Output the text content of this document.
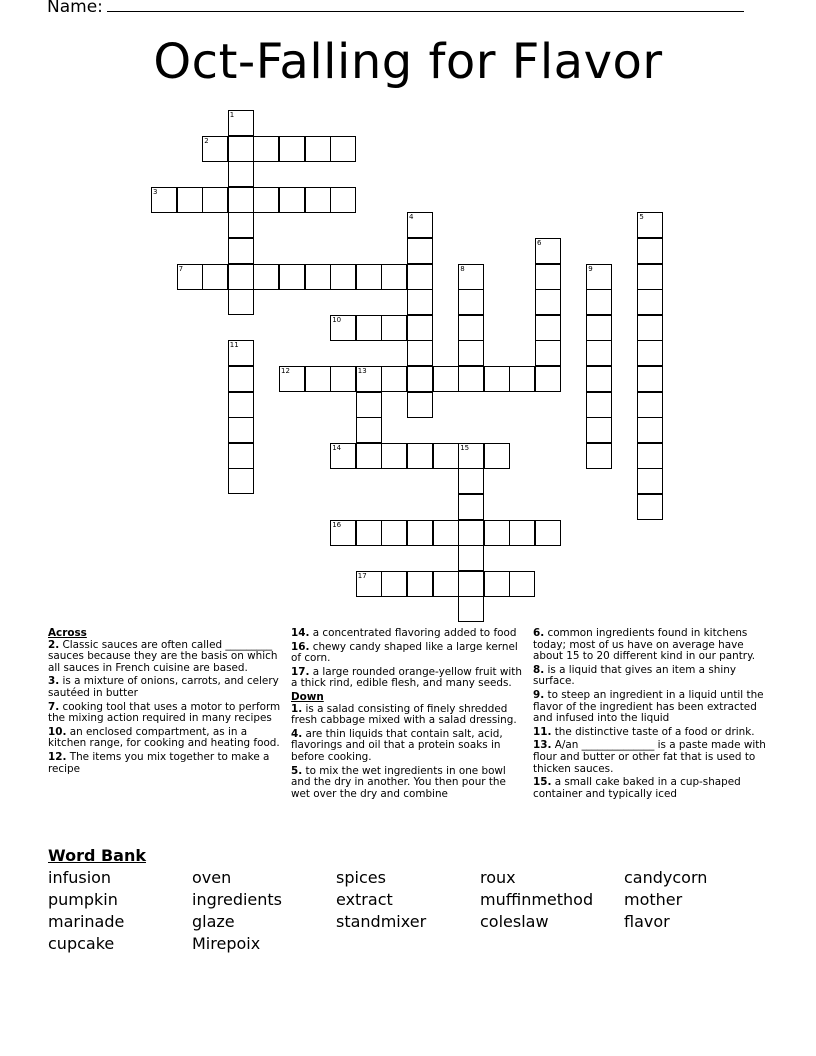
Name:
Oct-Falling for Flavor
1
2
3
4	5
6
7	8	9
10
11
12	13
14	15
16
17
Across
2. Classic sauces are often called _________ sauces because they are the basis on which all sauces in French cuisine are based.
3. is a mixture of onions, carrots, and celery sautéed in butter
7. cooking tool that uses a motor to perform the mixing action required in many recipes
10. an enclosed compartment, as in a kitchen range, for cooking and heating food.
12. The items you mix together to make a recipe
14. a concentrated flavoring added to food
16. chewy candy shaped like a large kernel of corn.
17. a large rounded orange-yellow fruit with a thick rind, edible flesh, and many seeds.
Down
1. is a salad consisting of finely shredded fresh cabbage mixed with a salad dressing.
4. are thin liquids that contain salt, acid, flavorings and oil that a protein soaks in before cooking.
5. to mix the wet ingredients in one bowl and the dry in another. You then pour the wet over the dry and combine
6. common ingredients found in kitchens today; most of us have on average have about 15 to 20 different kind in our pantry.
8. is a liquid that gives an item a shiny surface.
9. to steep an ingredient in a liquid until the flavor of the ingredient has been extracted and infused into the liquid
11. the distinctive taste of a food or drink.
13. A/an ______________ is a paste made with flour and butter or other fat that is used to thicken sauces.
15. a small cake baked in a cup-shaped container and typically iced
Word Bank
infusion	oven	spices	roux	candycorn
pumpkin	ingredients	extract	muffinmethod	mother
marinade	glaze	standmixer	coleslaw	flavor
cupcake	Mirepoix
